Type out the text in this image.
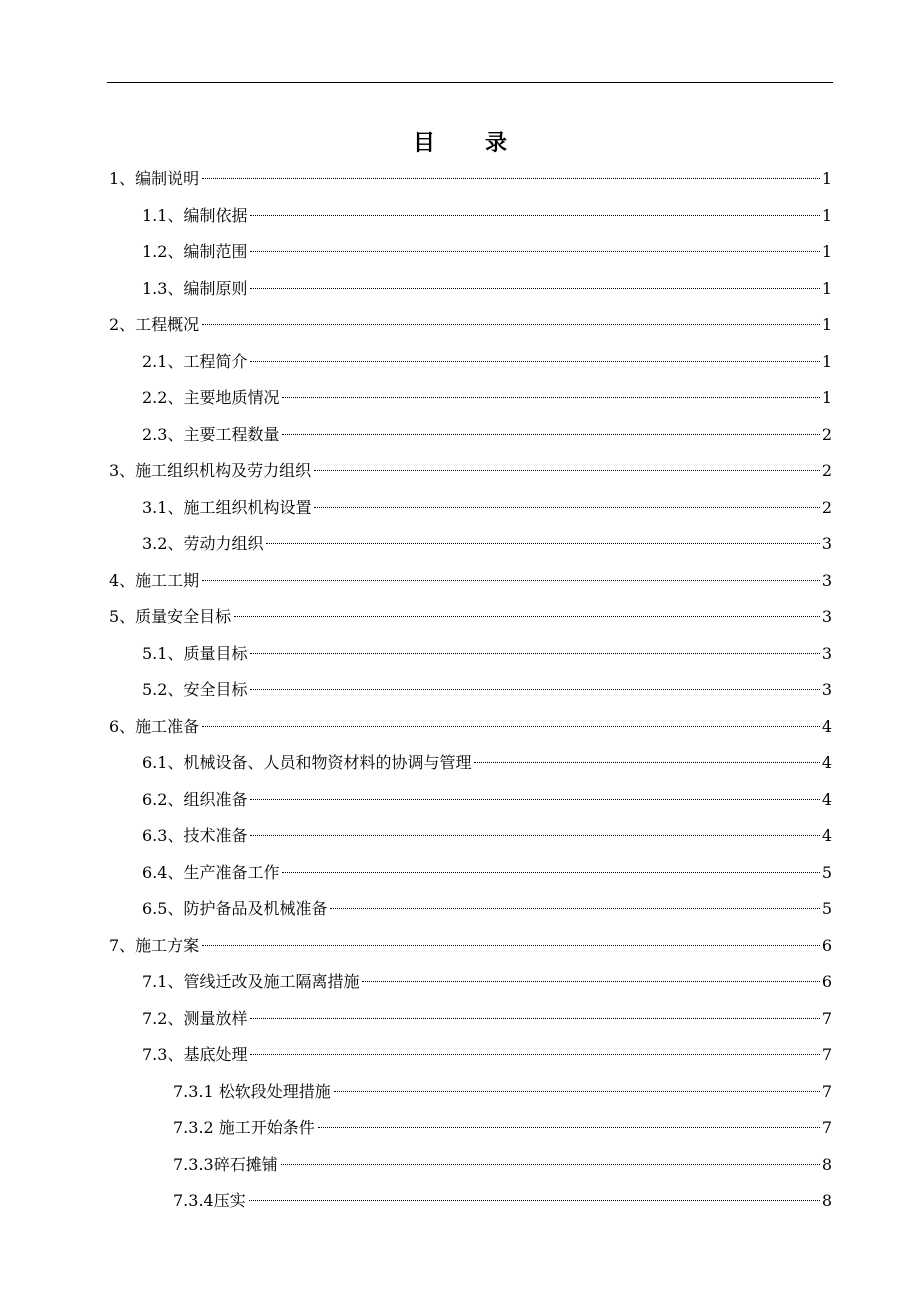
目 录
1、编制说明	1
1.1、编制依据	1
1.2、编制范围	1
1.3、编制原则	1
2、工程概况	1
2.1、工程简介	1
2.2、主要地质情况	1
2.3、主要工程数量	2
3、施工组织机构及劳力组织	2
3.1、施工组织机构设置	2
3.2、劳动力组织	3
4、施工工期	3
5、质量安全目标	3
5.1、质量目标	3
5.2、安全目标	3
6、施工准备	4
6.1、机械设备、人员和物资材料的协调与管理	4
6.2、组织准备	4
6.3、技术准备	4
6.4、生产准备工作	5
6.5、防护备品及机械准备	5
7、施工方案	6
7.1、管线迁改及施工隔离措施	6
7.2、测量放样	7
7.3、基底处理	7
7.3.1 松软段处理措施	7
7.3.2 施工开始条件	7
7.3.3碎石摊铺	8
7.3.4压实	8
